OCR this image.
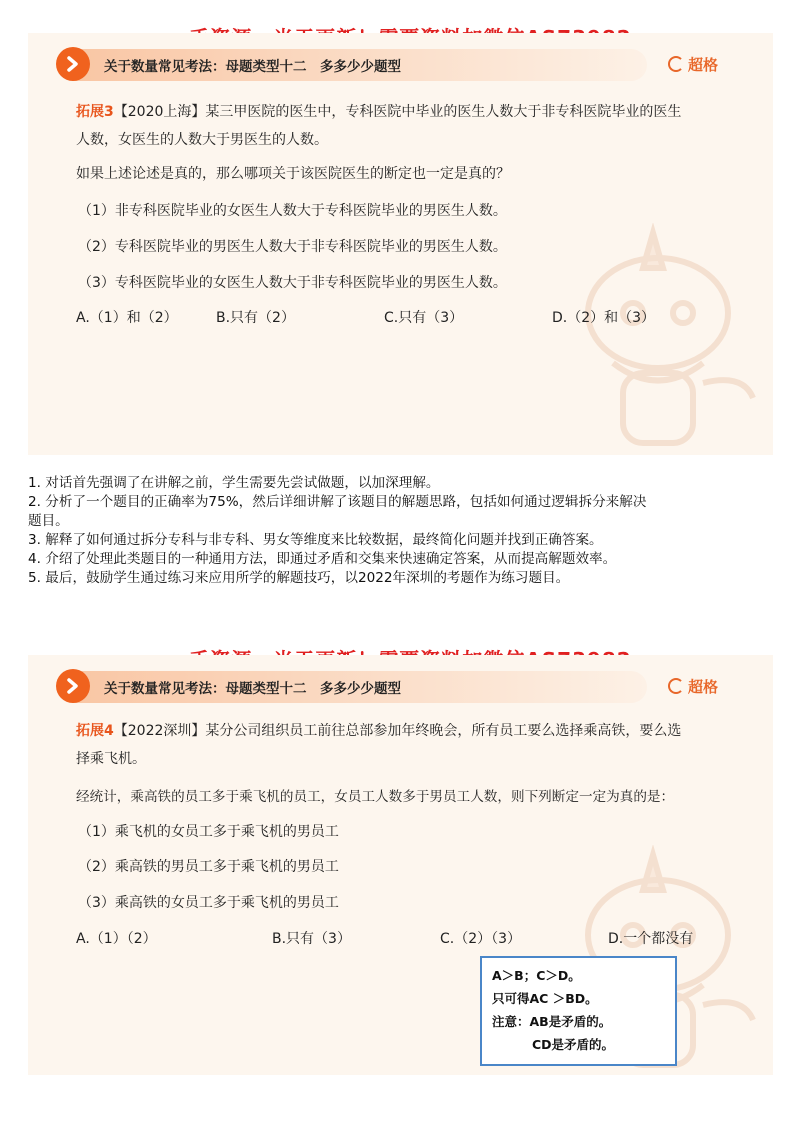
关于数量常见考法：母题类型十二　多多少少题型	超格
拓展3【2020上海】某三甲医院的医生中，专科医院中毕业的医生人数大于非专科医院毕业的医生
人数，女医生的人数大于男医生的人数。
如果上述论述是真的，那么哪项关于该医院医生的断定也一定是真的？
（1）非专科医院毕业的女医生人数大于专科医院毕业的男医生人数。
（2）专科医院毕业的男医生人数大于非专科医院毕业的男医生人数。
（3）专科医院毕业的女医生人数大于非专科医院毕业的男医生人数。
A.（1）和（2）	B.只有（2）	C.只有（3）	D.（2）和（3）
1. 对话首先强调了在讲解之前，学生需要先尝试做题，以加深理解。
2. 分析了一个题目的正确率为75%，然后详细讲解了该题目的解题思路，包括如何通过逻辑拆分来解决
题目。
3. 解释了如何通过拆分专科与非专科、男女等维度来比较数据，最终简化问题并找到正确答案。
4. 介绍了处理此类题目的一种通用方法，即通过矛盾和交集来快速确定答案，从而提高解题效率。
5. 最后，鼓励学生通过练习来应用所学的解题技巧，以2022年深圳的考题作为练习题目。
关于数量常见考法：母题类型十二　多多少少题型	超格
拓展4【2022深圳】某分公司组织员工前往总部参加年终晚会，所有员工要么选择乘高铁，要么选
择乘飞机。
经统计，乘高铁的员工多于乘飞机的员工，女员工人数多于男员工人数，则下列断定一定为真的是：
（1）乘飞机的女员工多于乘飞机的男员工
（2）乘高铁的男员工多于乘飞机的男员工
（3）乘高铁的女员工多于乘飞机的男员工
A.（1）（2）	B.只有（3）	C.（2）（3）	D.一个都没有
A＞B；C＞D。
只可得AC ＞BD。
注意：AB是矛盾的。
CD是矛盾的。
